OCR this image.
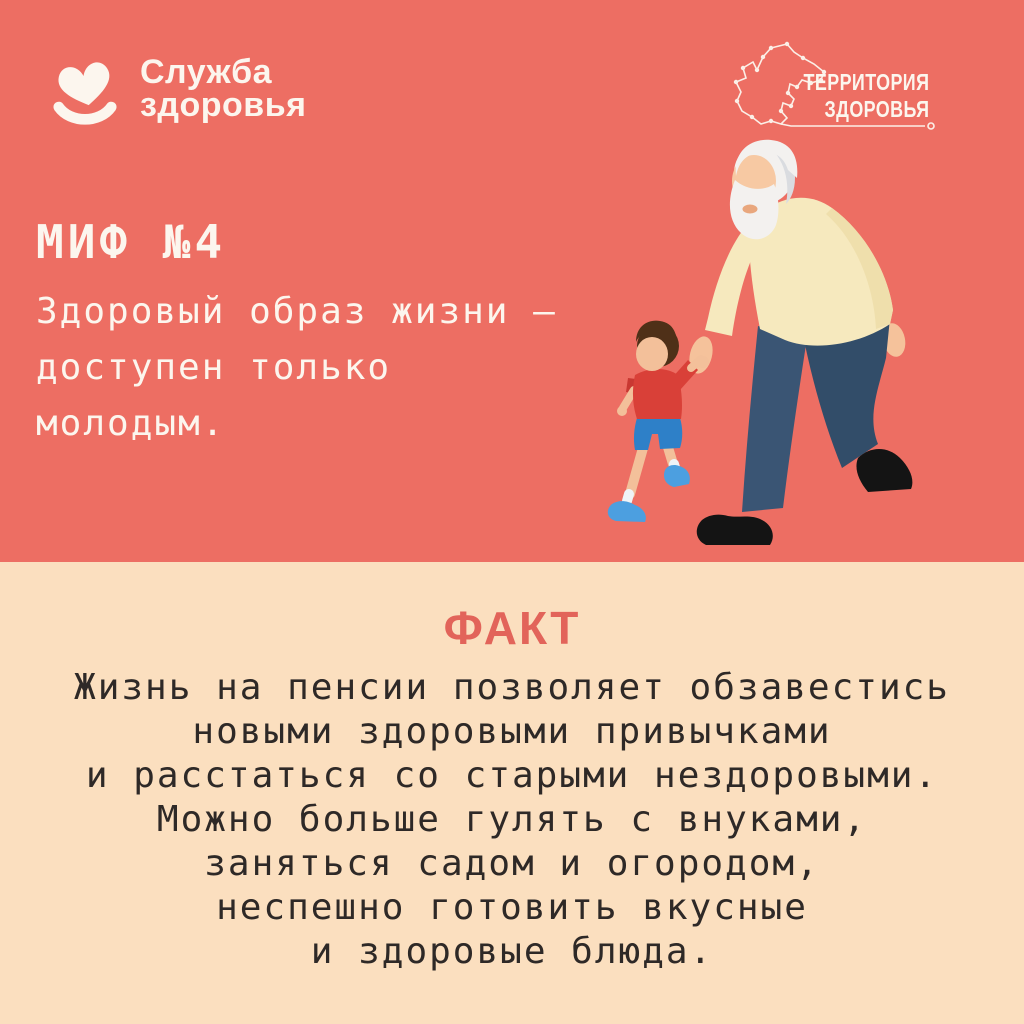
Служба
здоровья
ТЕРРИТОРИЯ
ЗДОРОВЬЯ
МИФ №4
Здоровый образ жизни —
доступен только
молодым.
ФАКТ
Жизнь на пенсии позволяет обзавестись
новыми здоровыми привычками
и расстаться со старыми нездоровыми.
Можно больше гулять с внуками,
заняться садом и огородом,
неспешно готовить вкусные
и здоровые блюда.
